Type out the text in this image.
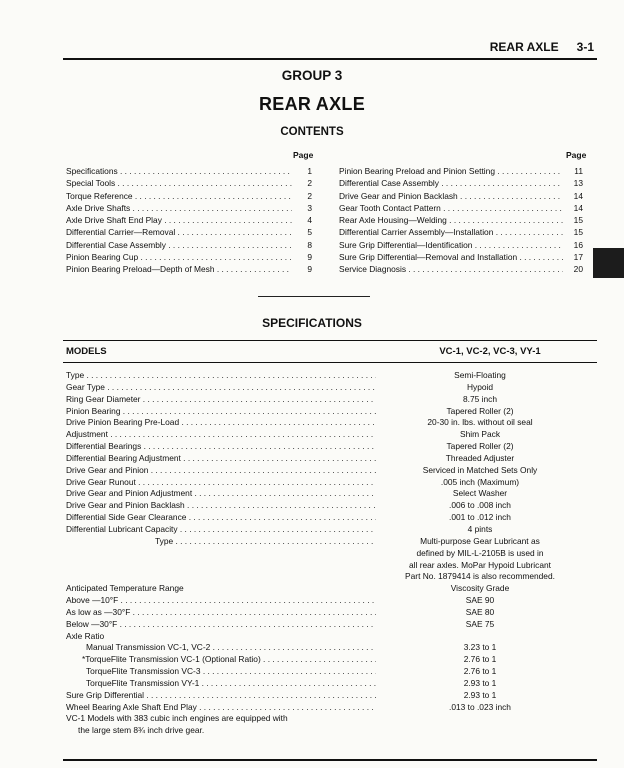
REAR AXLE 3-1
GROUP 3
REAR AXLE
CONTENTS
Page	Page
Specifications . . .	1
Special Tools . . .	2
Torque Reference . . .	2
Axle Drive Shafts . . .	3
Axle Drive Shaft End Play . . .	4
Differential Carrier—Removal . . .	5
Differential Case Assembly . . .	8
Pinion Bearing Cup . . .	9
Pinion Bearing Preload—Depth of Mesh . . .	9
Pinion Bearing Preload and Pinion Setting . . .	11
Differential Case Assembly . . .	13
Drive Gear and Pinion Backlash . . .	14
Gear Tooth Contact Pattern . . .	14
Rear Axle Housing—Welding . . .	15
Differential Carrier Assembly—Installation . . .	15
Sure Grip Differential—Identification . . .	16
Sure Grip Differential—Removal and Installation . . .	17
Service Diagnosis . . .	20
SPECIFICATIONS
MODELS	VC-1, VC-2, VC-3, VY-1
Type . . .	Semi-Floating
Gear Type . . .	Hypoid
Ring Gear Diameter . . .	8.75 inch
Pinion Bearing . . .	Tapered Roller (2)
Drive Pinion Bearing Pre-Load . . .	20-30 in. lbs. without oil seal
Adjustment . . .	Shim Pack
Differential Bearings . . .	Tapered Roller (2)
Differential Bearing Adjustment . . .	Threaded Adjuster
Drive Gear and Pinion . . .	Serviced in Matched Sets Only
Drive Gear Runout . . .	.005 inch (Maximum)
Drive Gear and Pinion Adjustment . . .	Select Washer
Drive Gear and Pinion Backlash . . .	.006 to .008 inch
Differential Side Gear Clearance . . .	.001 to .012 inch
Differential Lubricant Capacity . . .	4 pints
Type . . .	Multi-purpose Gear Lubricant as
defined by MIL-L-2105B is used in
all rear axles. MoPar Hypoid Lubricant
Part No. 1879414 is also recommended.
Anticipated Temperature Range	Viscosity Grade
Above —10°F . . .	SAE 90
As low as —30°F . . .	SAE 80
Below —30°F . . .	SAE 75
Axle Ratio
Manual Transmission VC-1, VC-2 . . .	3.23 to 1
*TorqueFlite Transmission VC-1 (Optional Ratio) . . .	2.76 to 1
TorqueFlite Transmission VC-3 . . .	2.76 to 1
TorqueFlite Transmission VY-1 . . .	2.93 to 1
Sure Grip Differential . . .	2.93 to 1
Wheel Bearing Axle Shaft End Play . . .	.013 to .023 inch
VC-1 Models with 383 cubic inch engines are equipped with
the large stem 8¾ inch drive gear.
